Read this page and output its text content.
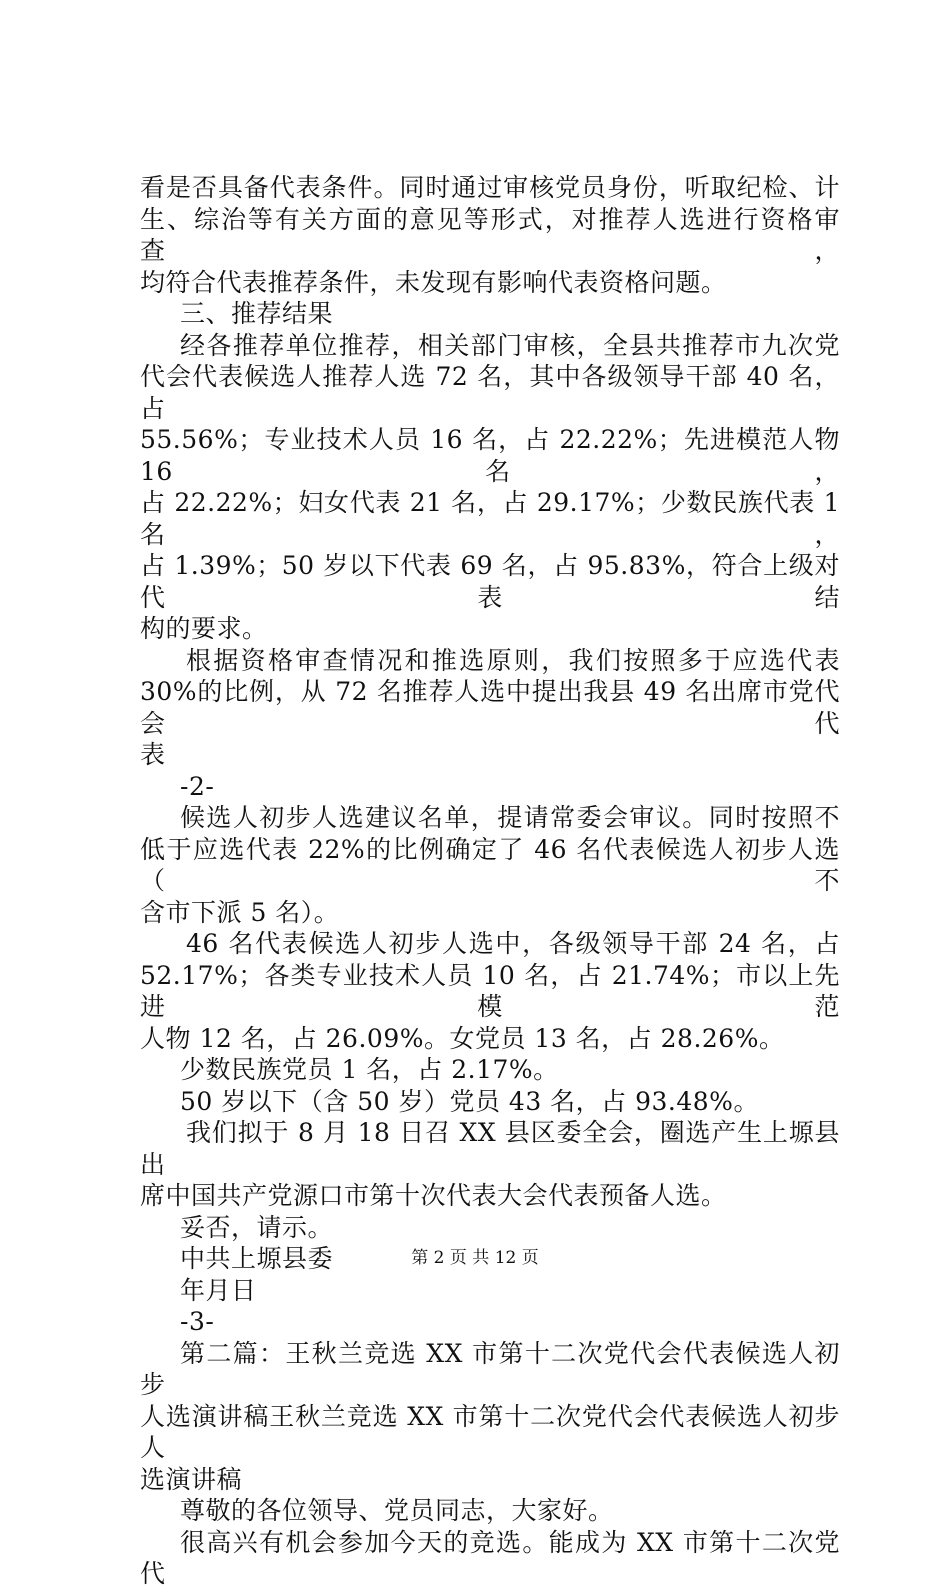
看是否具备代表条件。同时通过审核党员身份，听取纪检、计
生、综治等有关方面的意见等形式，对推荐人选进行资格审查，
均符合代表推荐条件，未发现有影响代表资格问题。
三、推荐结果
经各推荐单位推荐，相关部门审核，全县共推荐市九次党
代会代表候选人推荐人选 72 名，其中各级领导干部 40 名，占
55.56%；专业技术人员 16 名，占 22.22%；先进模范人物 16 名，
占 22.22%；妇女代表 21 名，占 29.17%；少数民族代表 1 名，
占 1.39%；50 岁以下代表 69 名，占 95.83%，符合上级对代表结
构的要求。
根据资格审查情况和推选原则，我们按照多于应选代表
30%的比例，从 72 名推荐人选中提出我县 49 名出席市党代会代
表
-2-
候选人初步人选建议名单，提请常委会审议。同时按照不
低于应选代表 22%的比例确定了 46 名代表候选人初步人选（不
含市下派 5 名）。
46 名代表候选人初步人选中，各级领导干部 24 名，占
52.17%；各类专业技术人员 10 名，占 21.74%；市以上先进模范
人物 12 名，占 26.09%。女党员 13 名，占 28.26%。
少数民族党员 1 名，占 2.17%。
50 岁以下（含 50 岁）党员 43 名，占 93.48%。
我们拟于 8 月 18 日召 XX 县区委全会，圈选产生上塬县出
席中国共产党源口市第十次代表大会代表预备人选。
妥否，请示。
中共上塬县委
年月日
-3-
第二篇：王秋兰竞选 XX 市第十二次党代会代表候选人初步
人选演讲稿王秋兰竞选 XX 市第十二次党代会代表候选人初步人
选演讲稿
尊敬的各位领导、党员同志，大家好。
很高兴有机会参加今天的竞选。能成为 XX 市第十二次党代
第 2 页 共 12 页
